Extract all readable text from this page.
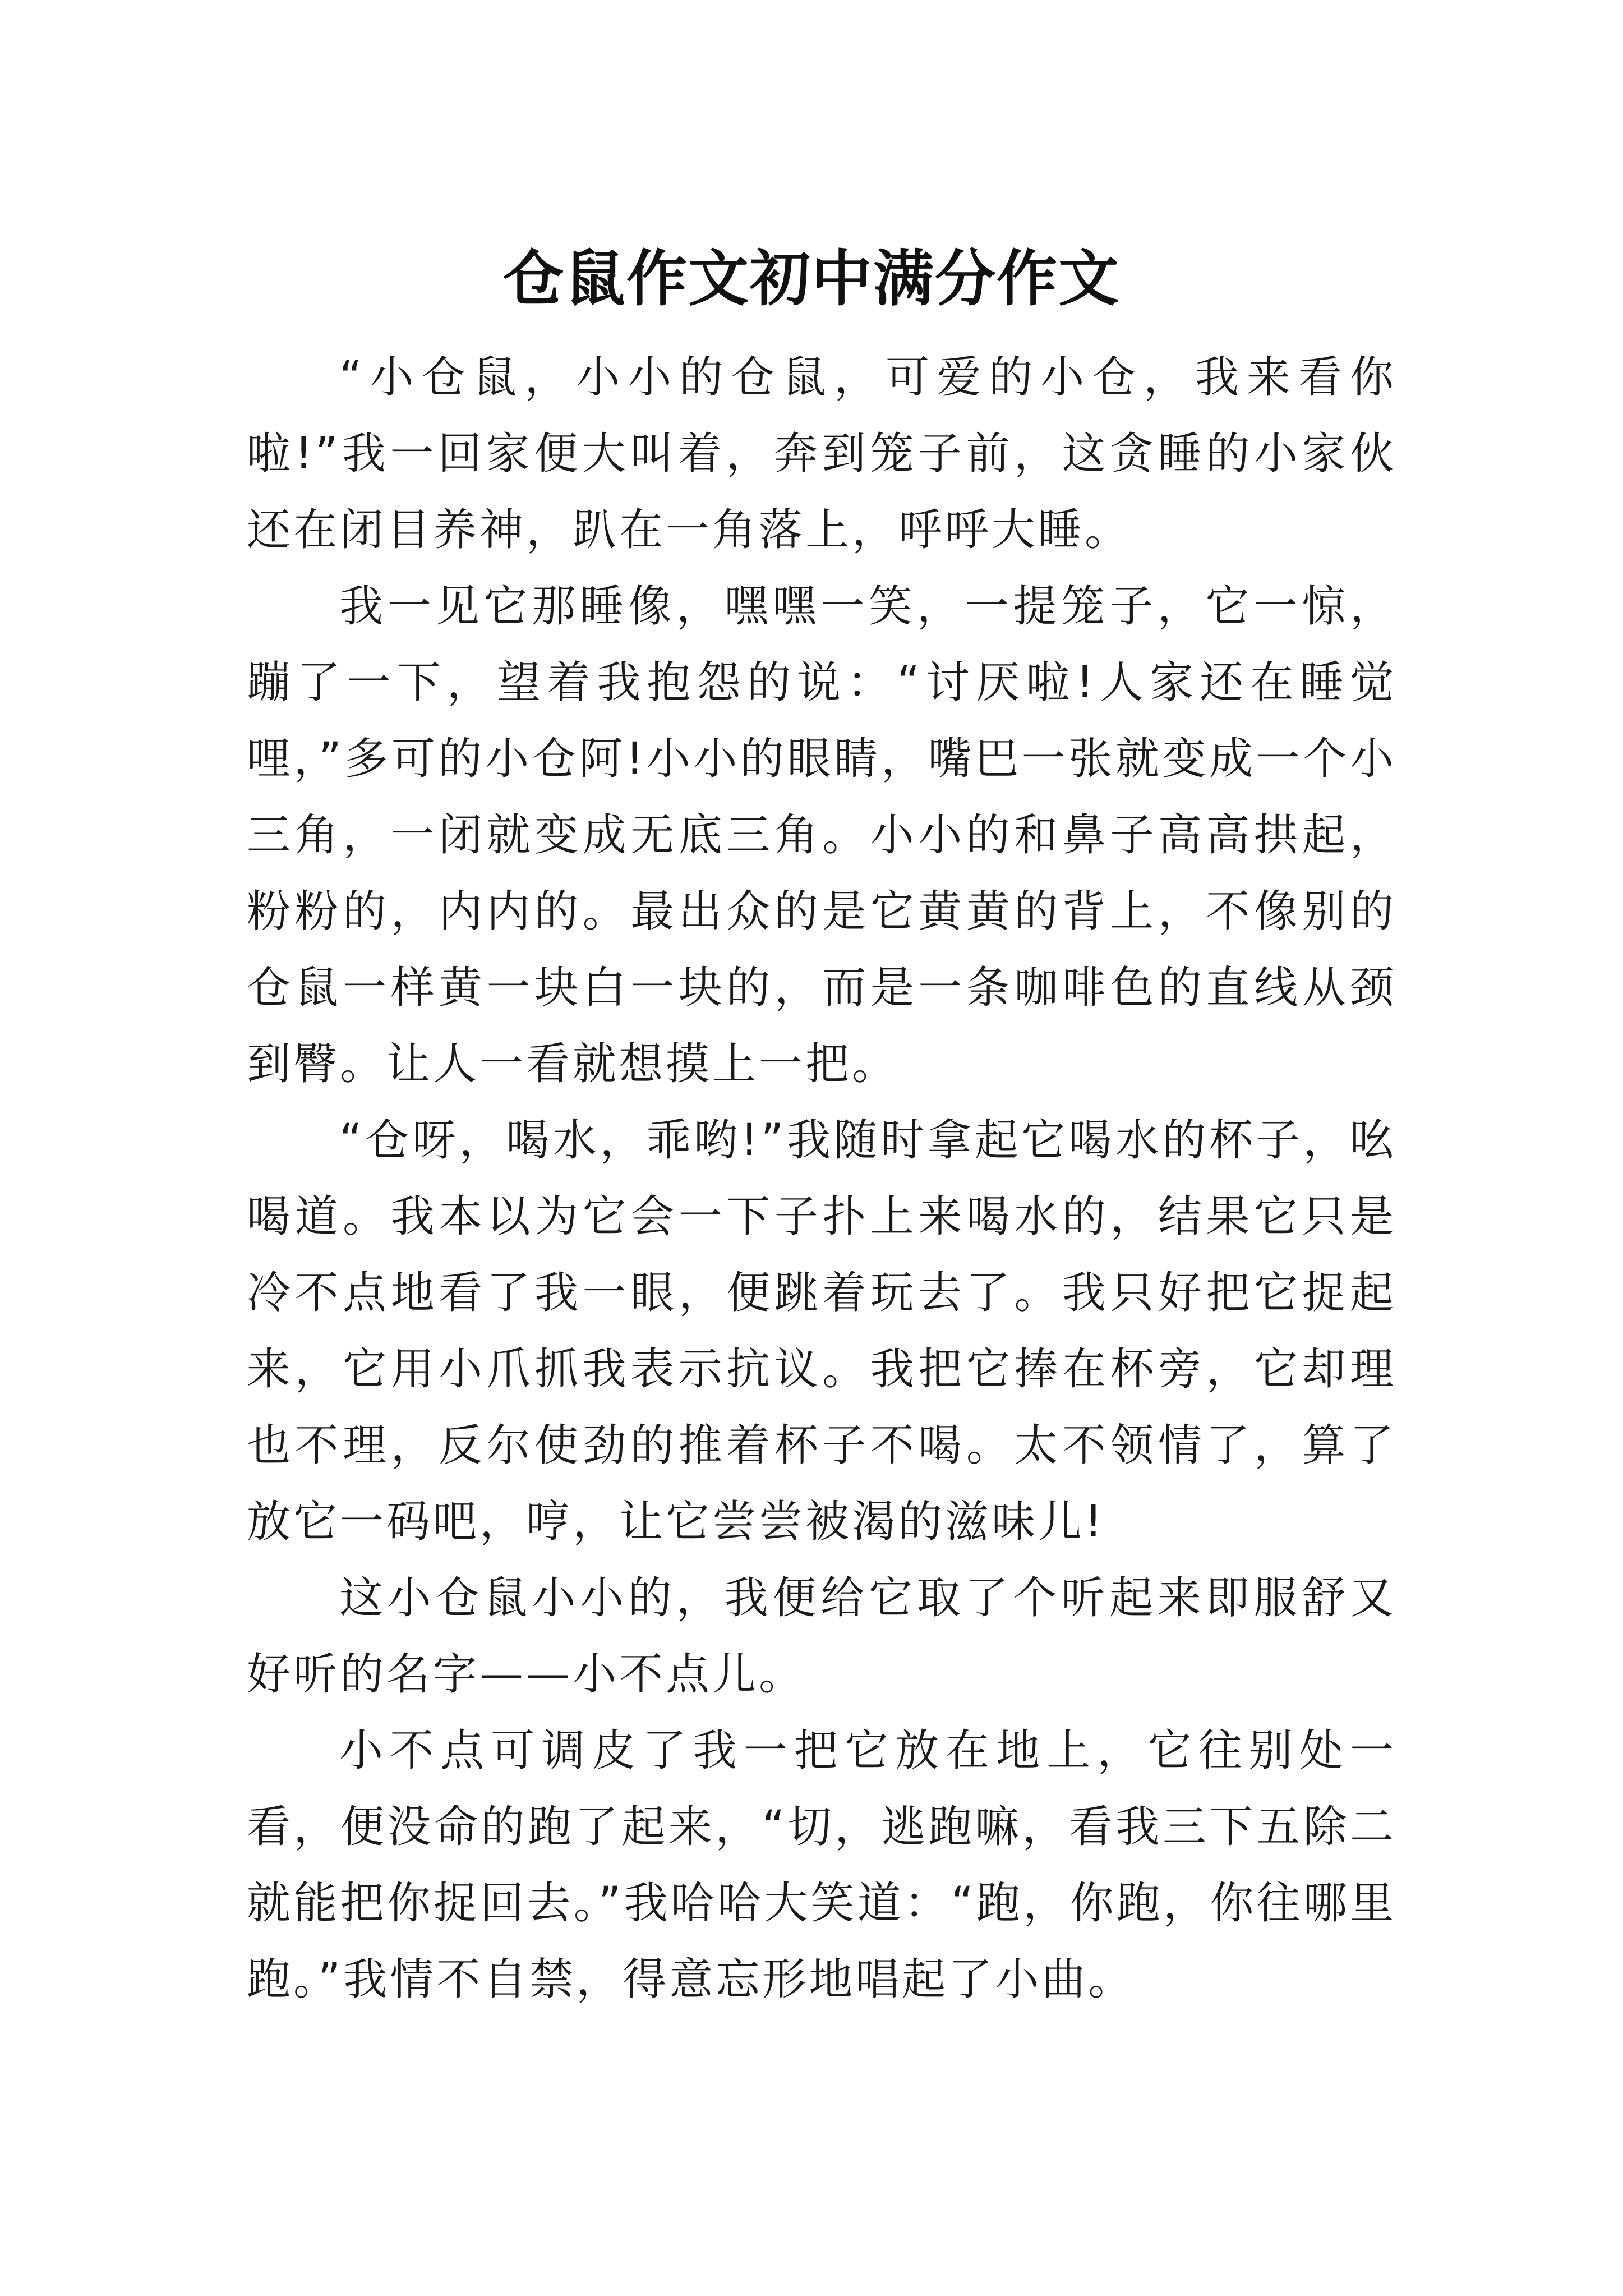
仓鼠作文初中满分作文

“小仓鼠，小小的仓鼠，可爱的小仓，我来看你啦!”我一回家便大叫着，奔到笼子前，这贪睡的小家伙还在闭目养神，趴在一角落上，呼呼大睡。

我一见它那睡像，嘿嘿一笑，一提笼子，它一惊，蹦了一下，望着我抱怨的说：“讨厌啦!人家还在睡觉哩，”多可的小仓阿!小小的眼睛，嘴巴一张就变成一个小三角，一闭就变成无底三角。小小的和鼻子高高拱起，粉粉的，内内的。最出众的是它黄黄的背上，不像别的仓鼠一样黄一块白一块的，而是一条咖啡色的直线从颈到臀。让人一看就想摸上一把。

“仓呀，喝水，乖哟!”我随时拿起它喝水的杯子，吆喝道。我本以为它会一下子扑上来喝水的，结果它只是冷不点地看了我一眼，便跳着玩去了。我只好把它捉起来，它用小爪抓我表示抗议。我把它捧在杯旁，它却理也不理，反尔使劲的推着杯子不喝。太不领情了，算了放它一码吧，哼，让它尝尝被渴的滋味儿!

这小仓鼠小小的，我便给它取了个听起来即服舒又好听的名字——小不点儿。

小不点可调皮了我一把它放在地上，它往别处一看，便没命的跑了起来，“切，逃跑嘛，看我三下五除二就能把你捉回去。”我哈哈大笑道：“跑，你跑，你往哪里跑。”我情不自禁，得意忘形地唱起了小曲。
